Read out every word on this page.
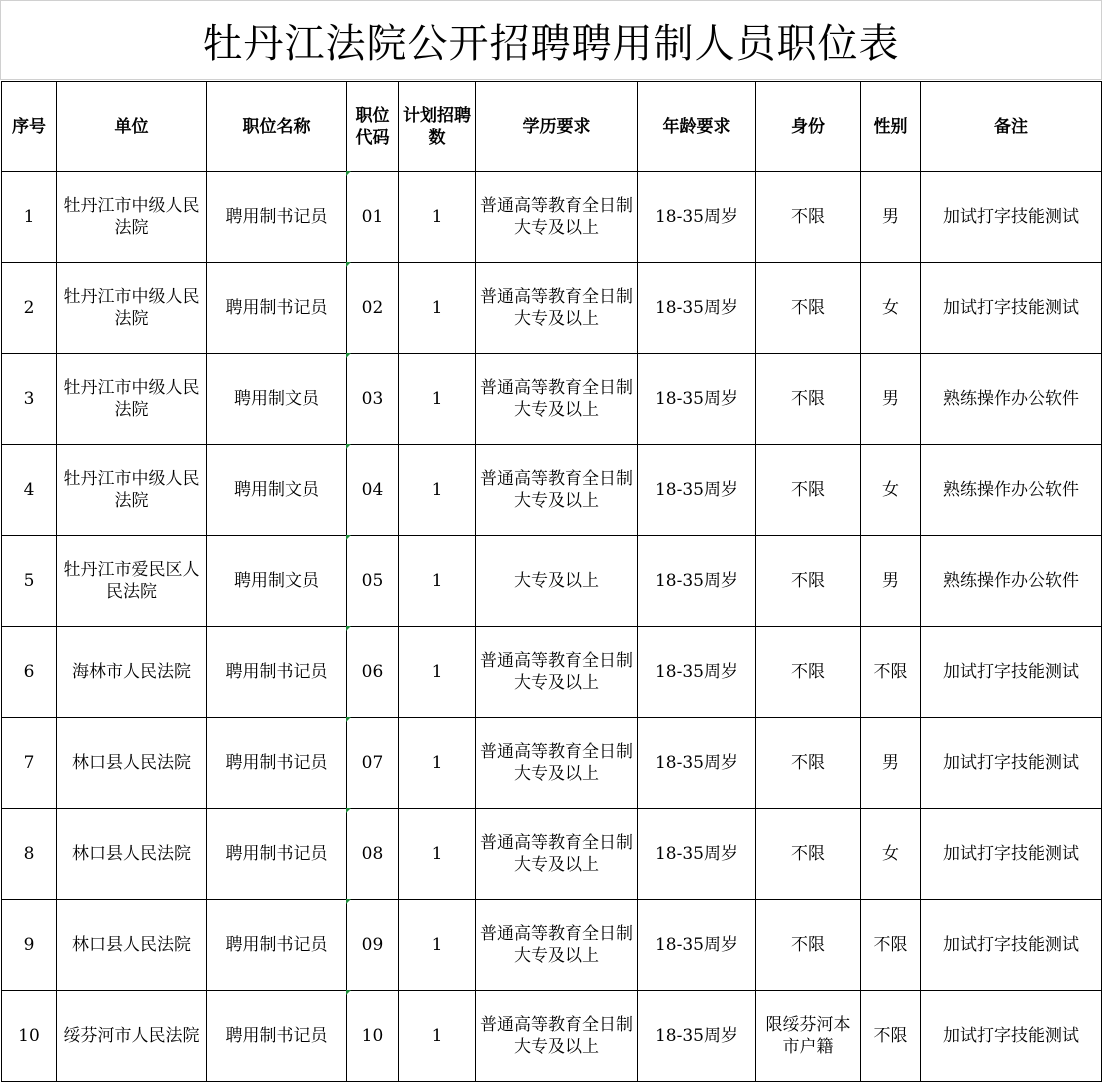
牡丹江法院公开招聘聘用制人员职位表
序号	单位	职位名称	职位代码	计划招聘数	学历要求	年龄要求	身份	性别	备注
1	牡丹江市中级人民法院	聘用制书记员	01	1	普通高等教育全日制大专及以上	18-35周岁	不限	男	加试打字技能测试
2	牡丹江市中级人民法院	聘用制书记员	02	1	普通高等教育全日制大专及以上	18-35周岁	不限	女	加试打字技能测试
3	牡丹江市中级人民法院	聘用制文员	03	1	普通高等教育全日制大专及以上	18-35周岁	不限	男	熟练操作办公软件
4	牡丹江市中级人民法院	聘用制文员	04	1	普通高等教育全日制大专及以上	18-35周岁	不限	女	熟练操作办公软件
5	牡丹江市爱民区人民法院	聘用制文员	05	1	大专及以上	18-35周岁	不限	男	熟练操作办公软件
6	海林市人民法院	聘用制书记员	06	1	普通高等教育全日制大专及以上	18-35周岁	不限	不限	加试打字技能测试
7	林口县人民法院	聘用制书记员	07	1	普通高等教育全日制大专及以上	18-35周岁	不限	男	加试打字技能测试
8	林口县人民法院	聘用制书记员	08	1	普通高等教育全日制大专及以上	18-35周岁	不限	女	加试打字技能测试
9	林口县人民法院	聘用制书记员	09	1	普通高等教育全日制大专及以上	18-35周岁	不限	不限	加试打字技能测试
10	绥芬河市人民法院	聘用制书记员	10	1	普通高等教育全日制大专及以上	18-35周岁	限绥芬河本市户籍	不限	加试打字技能测试
